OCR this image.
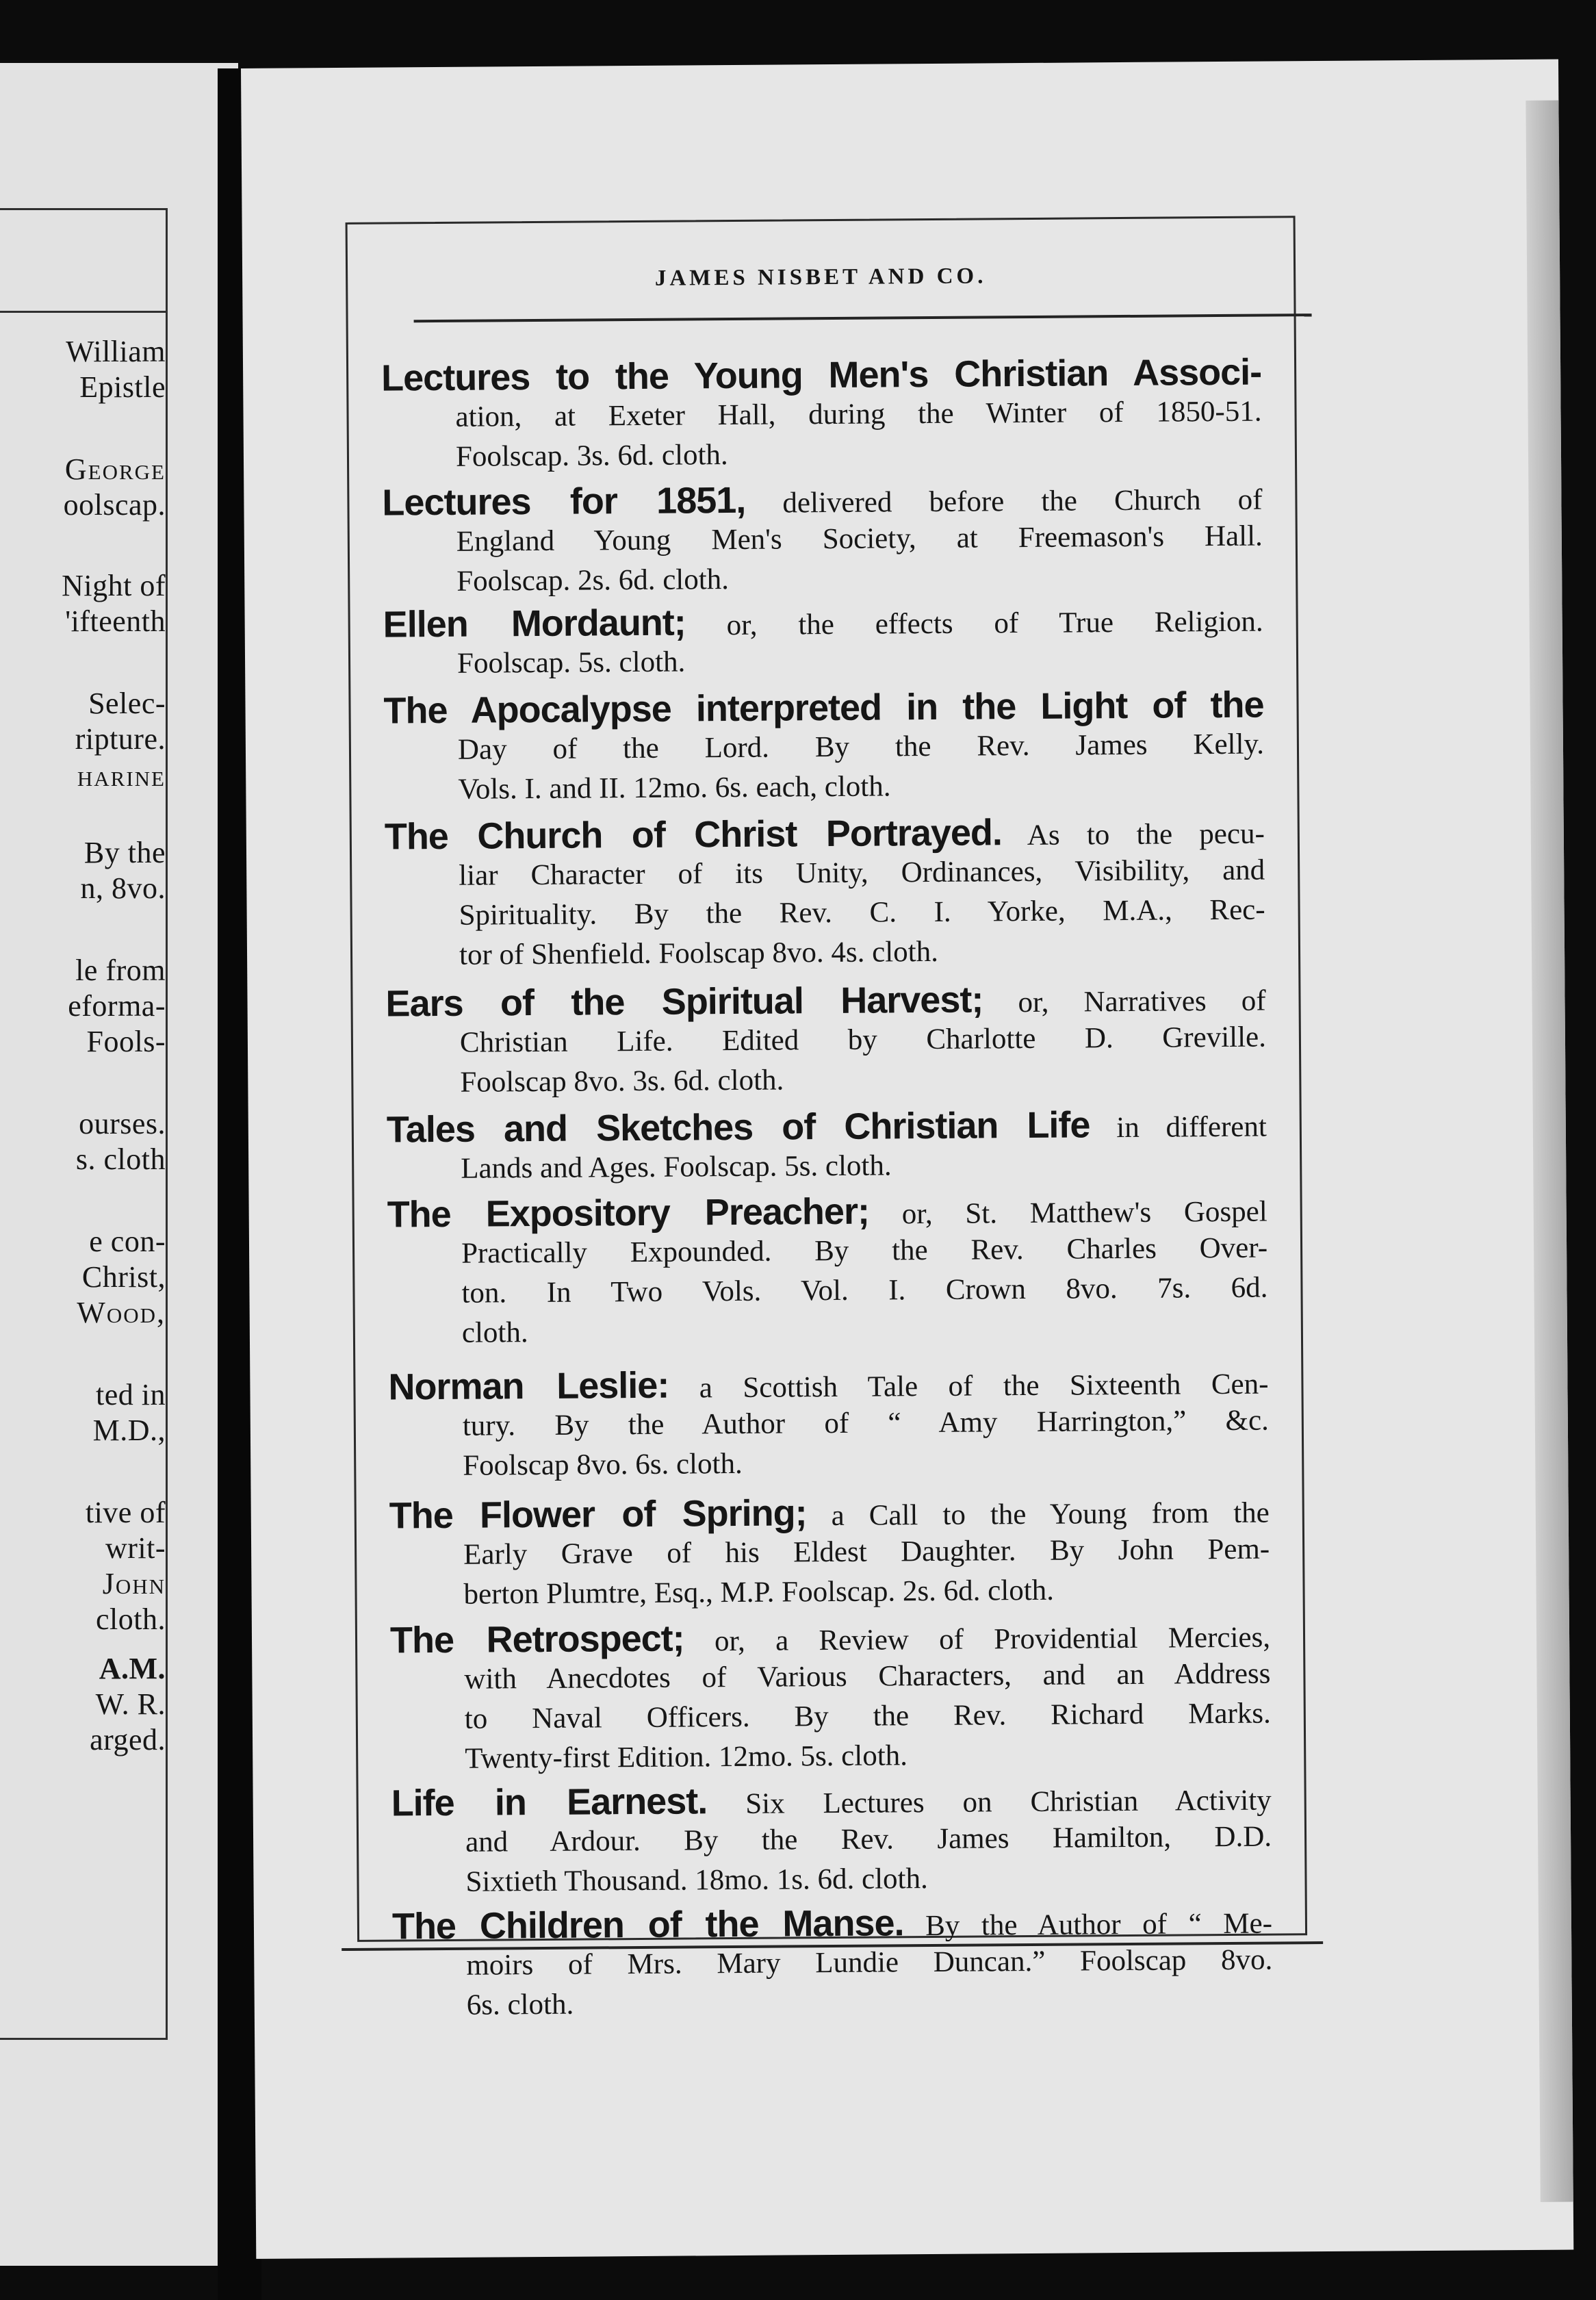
William
Epistle
George
oolscap.
Night of
'ifteenth
Selec-
ripture.
harine
By the
n, 8vo.
le from
eforma-
Fools-
ourses.
s. cloth
e con-
Christ,
Wood,
ted in
M.D.,
tive of
writ-
John
cloth.
A.M.
W. R.
arged.
JAMES NISBET AND CO.
Lectures to the Young Men's Christian Associ-
ation, at Exeter Hall, during the Winter of 1850-51.
Foolscap. 3s. 6d. cloth.
Lectures for 1851, delivered before the Church of
England Young Men's Society, at Freemason's Hall.
Foolscap. 2s. 6d. cloth.
Ellen Mordaunt; or, the effects of True Religion.
Foolscap. 5s. cloth.
The Apocalypse interpreted in the Light of the
Day of the Lord. By the Rev. James Kelly.
Vols. I. and II. 12mo. 6s. each, cloth.
The Church of Christ Portrayed. As to the pecu-
liar Character of its Unity, Ordinances, Visibility, and
Spirituality. By the Rev. C. I. Yorke, M.A., Rec-
tor of Shenfield. Foolscap 8vo. 4s. cloth.
Ears of the Spiritual Harvest; or, Narratives of
Christian Life. Edited by Charlotte D. Greville.
Foolscap 8vo. 3s. 6d. cloth.
Tales and Sketches of Christian Life in different
Lands and Ages. Foolscap. 5s. cloth.
The Expository Preacher; or, St. Matthew's Gospel
Practically Expounded. By the Rev. Charles Over-
ton. In Two Vols. Vol. I. Crown 8vo. 7s. 6d.
cloth.
Norman Leslie: a Scottish Tale of the Sixteenth Cen-
tury. By the Author of “ Amy Harrington,” &c.
Foolscap 8vo. 6s. cloth.
The Flower of Spring; a Call to the Young from the
Early Grave of his Eldest Daughter. By John Pem-
berton Plumtre, Esq., M.P. Foolscap. 2s. 6d. cloth.
The Retrospect; or, a Review of Providential Mercies,
with Anecdotes of Various Characters, and an Address
to Naval Officers. By the Rev. Richard Marks.
Twenty-first Edition. 12mo. 5s. cloth.
Life in Earnest. Six Lectures on Christian Activity
and Ardour. By the Rev. James Hamilton, D.D.
Sixtieth Thousand. 18mo. 1s. 6d. cloth.
The Children of the Manse. By the Author of “ Me-
moirs of Mrs. Mary Lundie Duncan.” Foolscap 8vo.
6s. cloth.
